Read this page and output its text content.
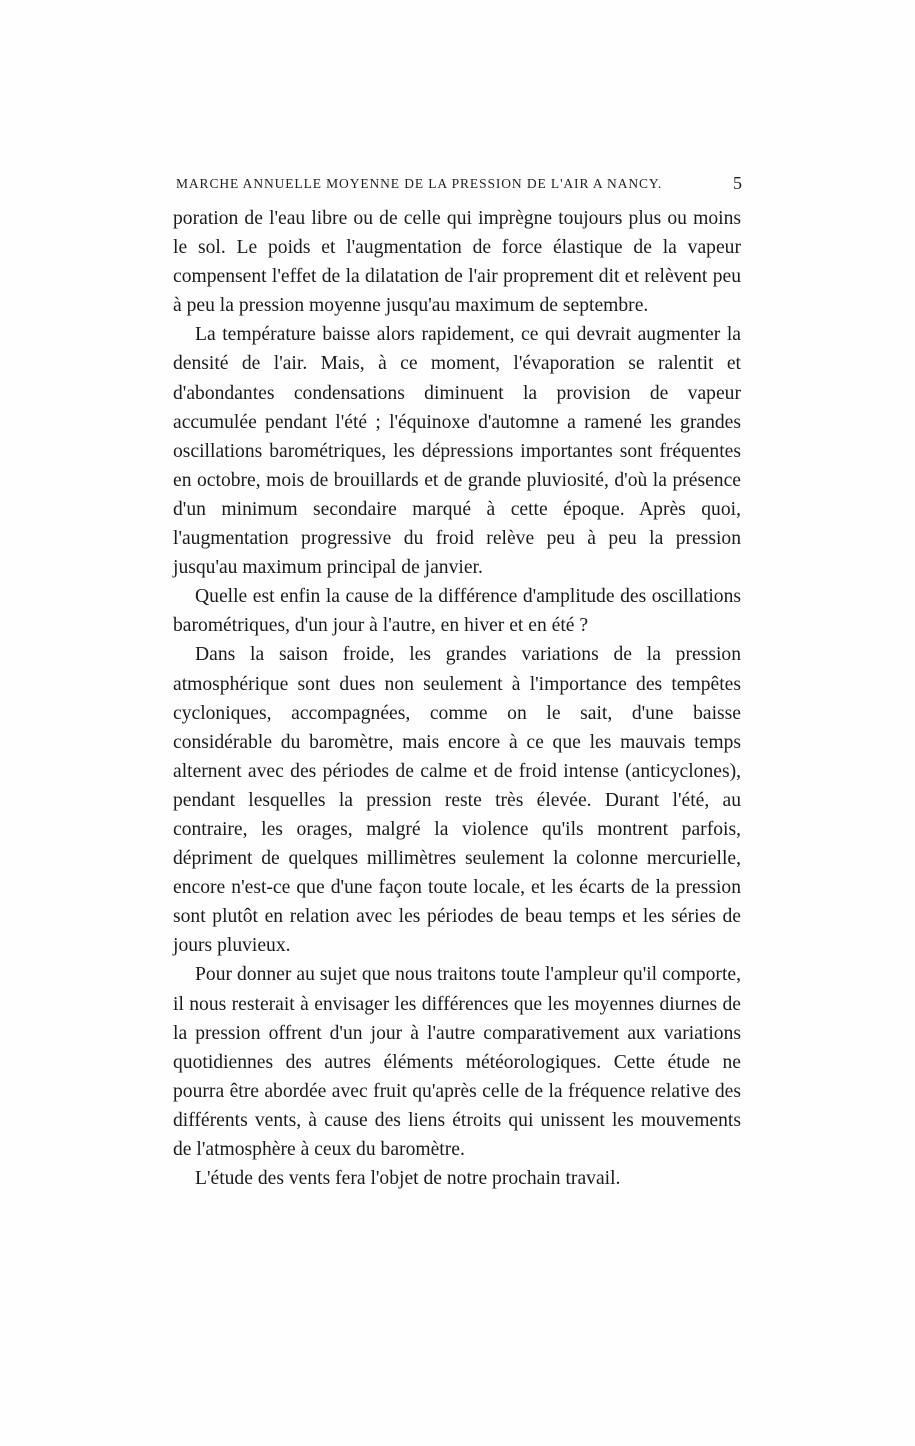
MARCHE ANNUELLE MOYENNE DE LA PRESSION DE L'AIR A NANCY.	5

poration de l'eau libre ou de celle qui imprègne toujours plus ou moins le sol. Le poids et l'augmentation de force élastique de la vapeur compensent l'effet de la dilatation de l'air proprement dit et relèvent peu à peu la pression moyenne jusqu'au maximum de septembre.

La température baisse alors rapidement, ce qui devrait augmenter la densité de l'air. Mais, à ce moment, l'évaporation se ralentit et d'abondantes condensations diminuent la provision de vapeur accumulée pendant l'été ; l'équinoxe d'automne a ramené les grandes oscillations barométriques, les dépressions importantes sont fréquentes en octobre, mois de brouillards et de grande pluviosité, d'où la présence d'un minimum secondaire marqué à cette époque. Après quoi, l'augmentation progressive du froid relève peu à peu la pression jusqu'au maximum principal de janvier.

Quelle est enfin la cause de la différence d'amplitude des oscillations barométriques, d'un jour à l'autre, en hiver et en été ?

Dans la saison froide, les grandes variations de la pression atmosphérique sont dues non seulement à l'importance des tempêtes cycloniques, accompagnées, comme on le sait, d'une baisse considérable du baromètre, mais encore à ce que les mauvais temps alternent avec des périodes de calme et de froid intense (anticyclones), pendant lesquelles la pression reste très élevée. Durant l'été, au contraire, les orages, malgré la violence qu'ils montrent parfois, dépriment de quelques millimètres seulement la colonne mercurielle, encore n'est-ce que d'une façon toute locale, et les écarts de la pression sont plutôt en relation avec les périodes de beau temps et les séries de jours pluvieux.

Pour donner au sujet que nous traitons toute l'ampleur qu'il comporte, il nous resterait à envisager les différences que les moyennes diurnes de la pression offrent d'un jour à l'autre comparativement aux variations quotidiennes des autres éléments météorologiques. Cette étude ne pourra être abordée avec fruit qu'après celle de la fréquence relative des différents vents, à cause des liens étroits qui unissent les mouvements de l'atmosphère à ceux du baromètre.

L'étude des vents fera l'objet de notre prochain travail.
